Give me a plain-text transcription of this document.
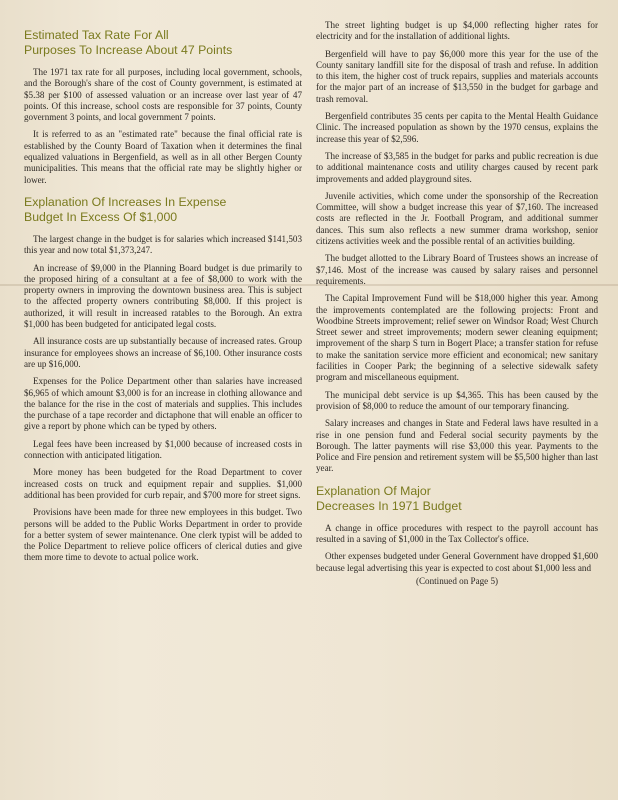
Estimated Tax Rate For All
Purposes To Increase About 47 Points

The 1971 tax rate for all purposes, including local government, schools, and the Borough's share of the cost of County government, is estimated at $5.38 per $100 of assessed valuation or an increase over last year of 47 points. Of this increase, school costs are responsible for 37 points, County government 3 points, and local government 7 points.

It is referred to as an "estimated rate" because the final official rate is established by the County Board of Taxation when it determines the final equalized valuations in Bergenfield, as well as in all other Bergen County municipalities. This means that the official rate may be slightly higher or lower.

Explanation Of Increases In Expense
Budget In Excess Of $1,000

The largest change in the budget is for salaries which increased $141,503 this year and now total $1,373,247.

An increase of $9,000 in the Planning Board budget is due primarily to the proposed hiring of a consultant at a fee of $8,000 to work with the property owners in improving the downtown business area. This is subject to the affected property owners contributing $8,000. If this project is authorized, it will result in increased ratables to the Borough. An extra $1,000 has been budgeted for anticipated legal costs.

All insurance costs are up substantially because of increased rates. Group insurance for employees shows an increase of $6,100. Other insurance costs are up $16,000.

Expenses for the Police Department other than salaries have increased $6,965 of which amount $3,000 is for an increase in clothing allowance and the balance for the rise in the cost of materials and supplies. This includes the purchase of a tape recorder and dictaphone that will enable an officer to give a report by phone which can be typed by others.

Legal fees have been increased by $1,000 because of increased costs in connection with anticipated litigation.

More money has been budgeted for the Road Department to cover increased costs on truck and equipment repair and supplies. $1,000 additional has been provided for curb repair, and $700 more for street signs.

Provisions have been made for three new employees in this budget. Two persons will be added to the Public Works Department in order to provide for a better system of sewer maintenance. One clerk typist will be added to the Police Department to relieve police officers of clerical duties and give them more time to devote to actual police work.

The street lighting budget is up $4,000 reflecting higher rates for electricity and for the installation of additional lights.

Bergenfield will have to pay $6,000 more this year for the use of the County sanitary landfill site for the disposal of trash and refuse. In addition to this item, the higher cost of truck repairs, supplies and materials accounts for the major part of an increase of $13,550 in the budget for garbage and trash removal.

Bergenfield contributes 35 cents per capita to the Mental Health Guidance Clinic. The increased population as shown by the 1970 census, explains the increase this year of $2,596.

The increase of $3,585 in the budget for parks and public recreation is due to additional maintenance costs and utility charges caused by recent park improvements and added playground sites.

Juvenile activities, which come under the sponsorship of the Recreation Committee, will show a budget increase this year of $7,160. The increased costs are reflected in the Jr. Football Program, and additional summer dances. This sum also reflects a new summer drama workshop, senior citizens activities week and the possible rental of an activities building.

The budget allotted to the Library Board of Trustees shows an increase of $7,146. Most of the increase was caused by salary raises and personnel requirements.

The Capital Improvement Fund will be $18,000 higher this year. Among the improvements contemplated are the following projects: Front and Woodbine Streets improvement; relief sewer on Windsor Road; West Church Street sewer and street improvements; modern sewer cleaning equipment; improvement of the sharp S turn in Bogert Place; a transfer station for refuse to make the sanitation service more efficient and economical; new sanitary facilities in Cooper Park; the beginning of a selective sidewalk safety program and miscellaneous equipment.

The municipal debt service is up $4,365. This has been caused by the provision of $8,000 to reduce the amount of our temporary financing.

Salary increases and changes in State and Federal laws have resulted in a rise in one pension fund and Federal social security payments by the Borough. The latter payments will rise $3,000 this year. Payments to the Police and Fire pension and retirement system will be $5,500 higher than last year.

Explanation Of Major
Decreases In 1971 Budget

A change in office procedures with respect to the payroll account has resulted in a saving of $1,000 in the Tax Collector's office.

Other expenses budgeted under General Government have dropped $1,600 because legal advertising this year is expected to cost about $1,000 less and

(Continued on Page 5)
